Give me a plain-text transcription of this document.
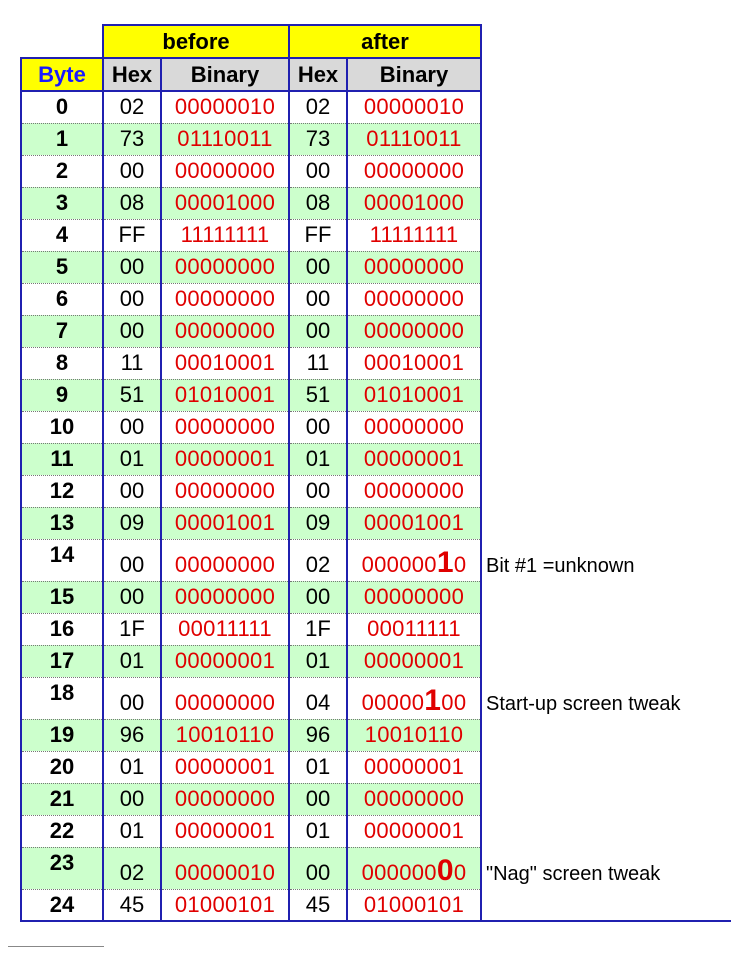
	before		after		
Byte	Hex	Binary	Hex	Binary	
0	02	00000010	02	00000010	
1	73	01110011	73	01110011	
2	00	00000000	00	00000000	
3	08	00001000	08	00001000	
4	FF	11111111	FF	11111111	
5	00	00000000	00	00000000	
6	00	00000000	00	00000000	
7	00	00000000	00	00000000	
8	11	00010001	11	00010001	
9	51	01010001	51	01010001	
10	00	00000000	00	00000000	
11	01	00000001	01	00000001	
12	00	00000000	00	00000000	
13	09	00001001	09	00001001	
14	00	00000000	02	00000010	Bit #1 =unknown
15	00	00000000	00	00000000	
16	1F	00011111	1F	00011111	
17	01	00000001	01	00000001	
18	00	00000000	04	00000100	Start-up screen tweak
19	96	10010110	96	10010110	
20	01	00000001	01	00000001	
21	00	00000000	00	00000000	
22	01	00000001	01	00000001	
23	02	00000010	00	00000000	"Nag" screen tweak
24	45	01000101	45	01000101	
